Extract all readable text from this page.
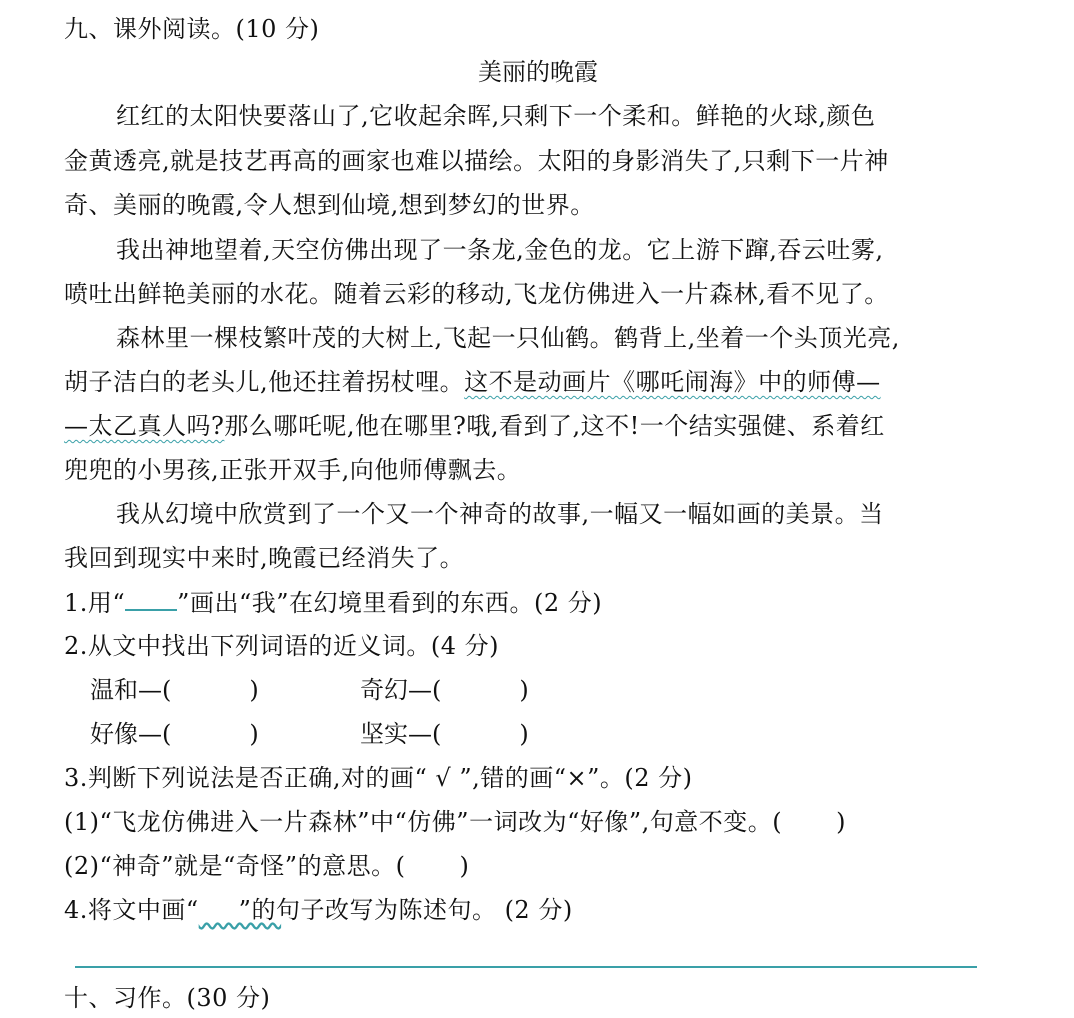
九、课外阅读。(10 分)
美丽的晚霞
红红的太阳快要落山了,它收起余晖,只剩下一个柔和。鲜艳的火球,颜色
金黄透亮,就是技艺再高的画家也难以描绘。太阳的身影消失了,只剩下一片神
奇、美丽的晚霞,令人想到仙境,想到梦幻的世界。
我出神地望着,天空仿佛出现了一条龙,金色的龙。它上游下蹿,吞云吐雾,
喷吐出鲜艳美丽的水花。随着云彩的移动,飞龙仿佛进入一片森林,看不见了。
森林里一棵枝繁叶茂的大树上,飞起一只仙鹤。鹤背上,坐着一个头顶光亮,
胡子洁白的老头儿,他还拄着拐杖哩。这不是动画片《哪吒闹海》中的师傅—
—太乙真人吗?那么哪吒呢,他在哪里?哦,看到了,这不!一个结实强健、系着红
兜兜的小男孩,正张开双手,向他师傅飘去。
我从幻境中欣赏到了一个又一个神奇的故事,一幅又一幅如画的美景。当
我回到现实中来时,晚霞已经消失了。
1.用“ ”画出“我”在幻境里看到的东西。(2 分)
2.从文中找出下列词语的近义词。(4 分)
温和—(	)	奇幻—(	)
好像—(	)	坚实—(	)
3.判断下列说法是否正确,对的画“ √ ”,错的画“×”。(2 分)
(1)“飞龙仿佛进入一片森林”中“仿佛”一词改为“好像”,句意不变。( )
(2)“神奇”就是“奇怪”的意思。( )
4.将文中画“ ”的句子改写为陈述句。 (2 分)
十、习作。(30 分)
